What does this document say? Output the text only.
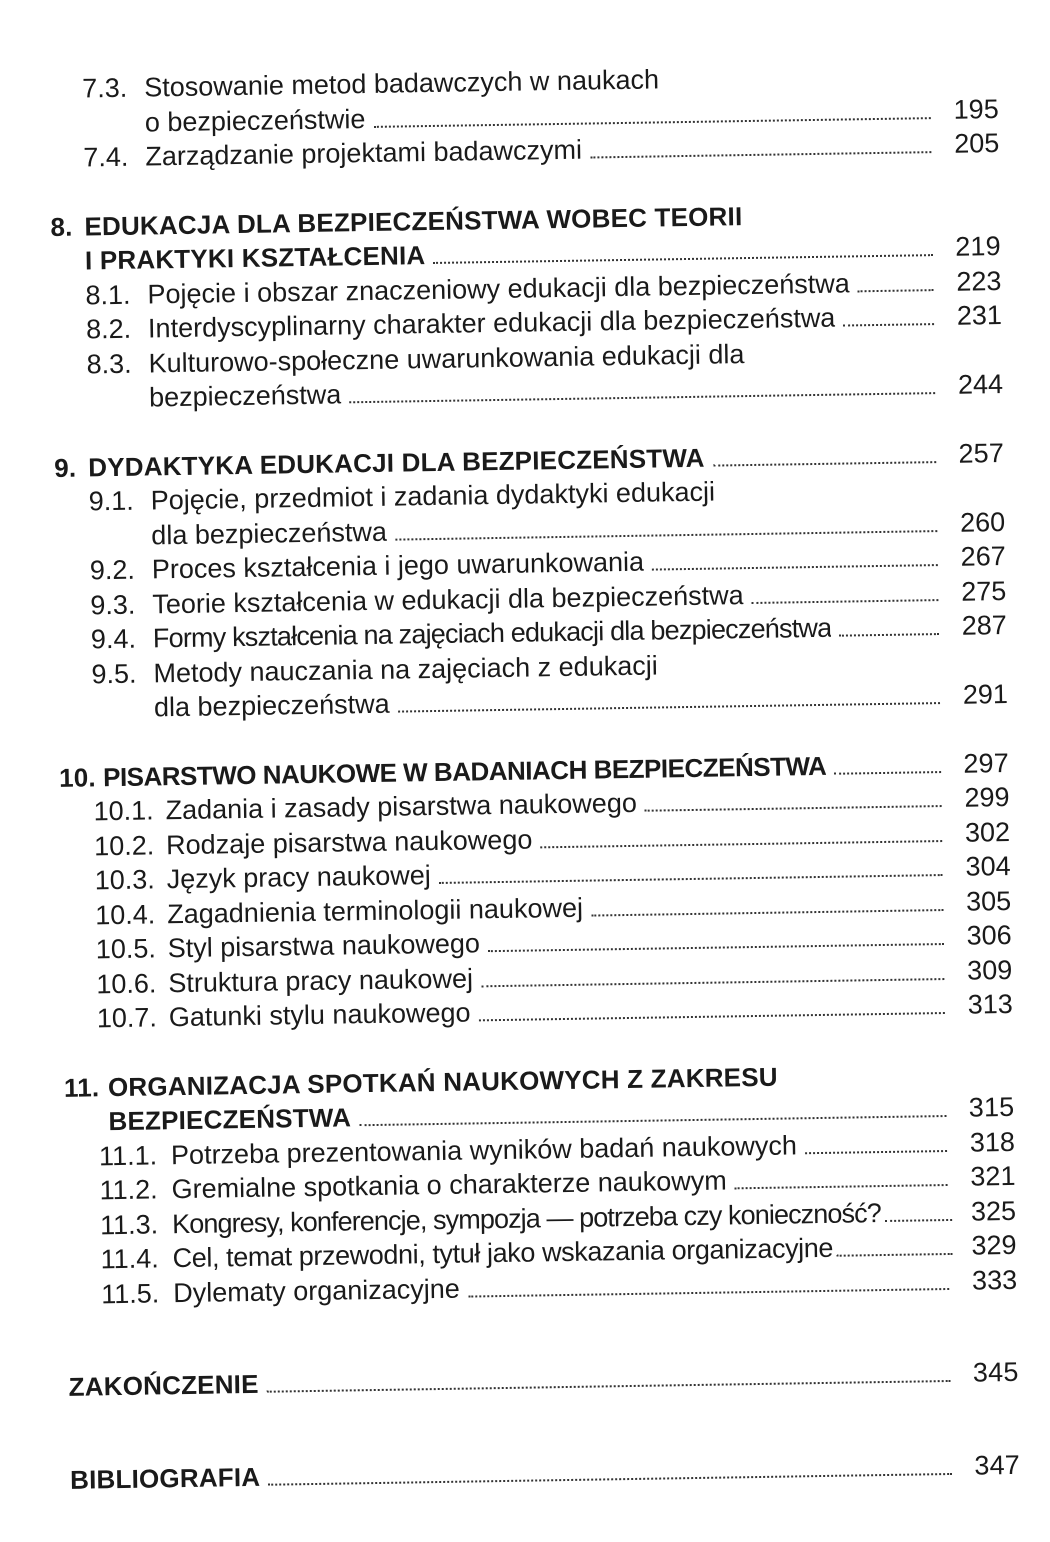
7.3. Stosowanie metod badawczych w naukach
o bezpieczeństwie	195
7.4. Zarządzanie projektami badawczymi	205
8. EDUKACJA DLA BEZPIECZEŃSTWA WOBEC TEORII
I PRAKTYKI KSZTAŁCENIA	219
8.1. Pojęcie i obszar znaczeniowy edukacji dla bezpieczeństwa	223
8.2. Interdyscyplinarny charakter edukacji dla bezpieczeństwa	231
8.3. Kulturowo-społeczne uwarunkowania edukacji dla
bezpieczeństwa	244
9. DYDAKTYKA EDUKACJI DLA BEZPIECZEŃSTWA	257
9.1. Pojęcie, przedmiot i zadania dydaktyki edukacji
dla bezpieczeństwa	260
9.2. Proces kształcenia i jego uwarunkowania	267
9.3. Teorie kształcenia w edukacji dla bezpieczeństwa	275
9.4. Formy kształcenia na zajęciach edukacji dla bezpieczeństwa	287
9.5. Metody nauczania na zajęciach z edukacji
dla bezpieczeństwa	291
10. PISARSTWO NAUKOWE W BADANIACH BEZPIECZEŃSTWA	297
10.1. Zadania i zasady pisarstwa naukowego	299
10.2. Rodzaje pisarstwa naukowego	302
10.3. Język pracy naukowej	304
10.4. Zagadnienia terminologii naukowej	305
10.5. Styl pisarstwa naukowego	306
10.6. Struktura pracy naukowej	309
10.7. Gatunki stylu naukowego	313
11. ORGANIZACJA SPOTKAŃ NAUKOWYCH Z ZAKRESU
BEZPIECZEŃSTWA	315
11.1. Potrzeba prezentowania wyników badań naukowych	318
11.2. Gremialne spotkania o charakterze naukowym	321
11.3. Kongresy, konferencje, sympozja — potrzeba czy konieczność?	325
11.4. Cel, temat przewodni, tytuł jako wskazania organizacyjne	329
11.5. Dylematy organizacyjne	333
ZAKOŃCZENIE	345
BIBLIOGRAFIA	347
